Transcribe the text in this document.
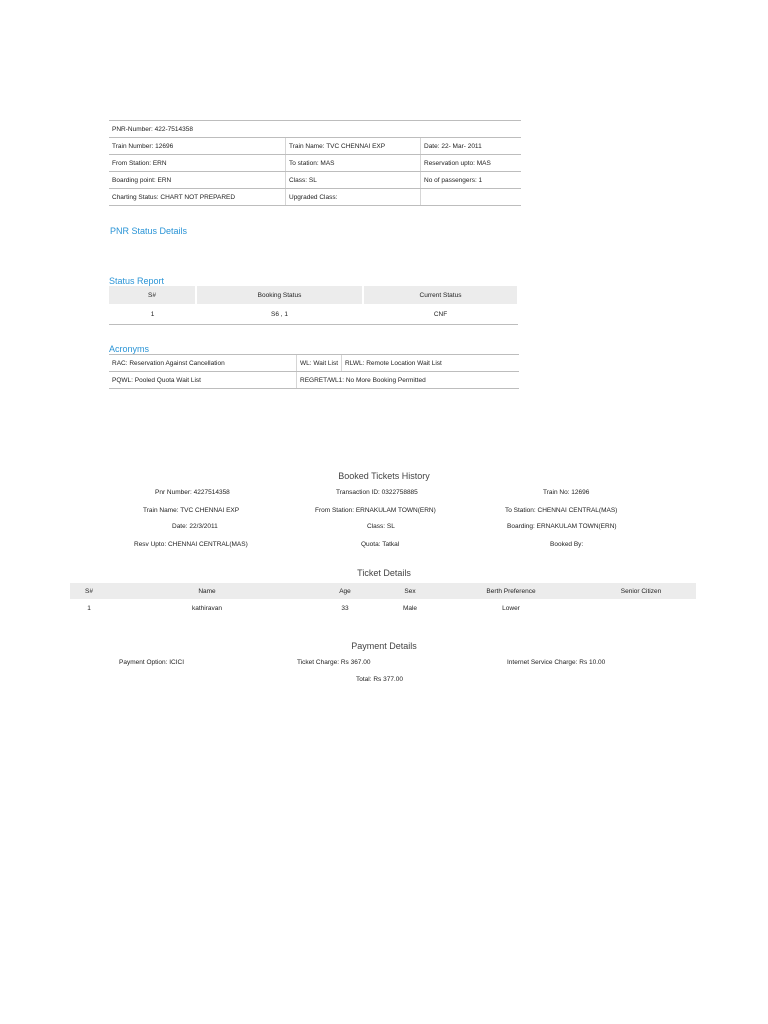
PNR-Number: 422-7514358		
Train Number: 12696	Train Name: TVC CHENNAI EXP	Date: 22- Mar- 2011
From Station: ERN	To station: MAS	Reservation upto: MAS
Boarding point: ERN	Class: SL	No of passengers: 1
Charting Status: CHART NOT PREPARED	Upgraded Class:	
PNR Status Details
Status Report
S#	Booking Status	Current Status
1	S6 , 1	CNF
Acronyms
RAC: Reservation Against Cancellation	WL: Wait List	RLWL: Remote Location Wait List
PQWL: Pooled Quota Wait List	REGRET/WL1: No More Booking Permitted	
Booked Tickets History
Pnr Number: 4227514358	Transaction ID: 0322758885	Train No: 12696
Train Name: TVC CHENNAI EXP	From Station: ERNAKULAM TOWN(ERN)	To Station: CHENNAI CENTRAL(MAS)
Date: 22/3/2011	Class: SL	Boarding: ERNAKULAM TOWN(ERN)
Resv Upto: CHENNAI CENTRAL(MAS)	Quota: Tatkal	Booked By:
Ticket Details
S#	Name	Age	Sex	Berth Preference	Senior Citizen
1	kathiravan	33	Male	Lower	
Payment Details
Payment Option: ICICI	Ticket Charge: Rs 367.00	Internet Service Charge: Rs 10.00
Total: Rs 377.00
